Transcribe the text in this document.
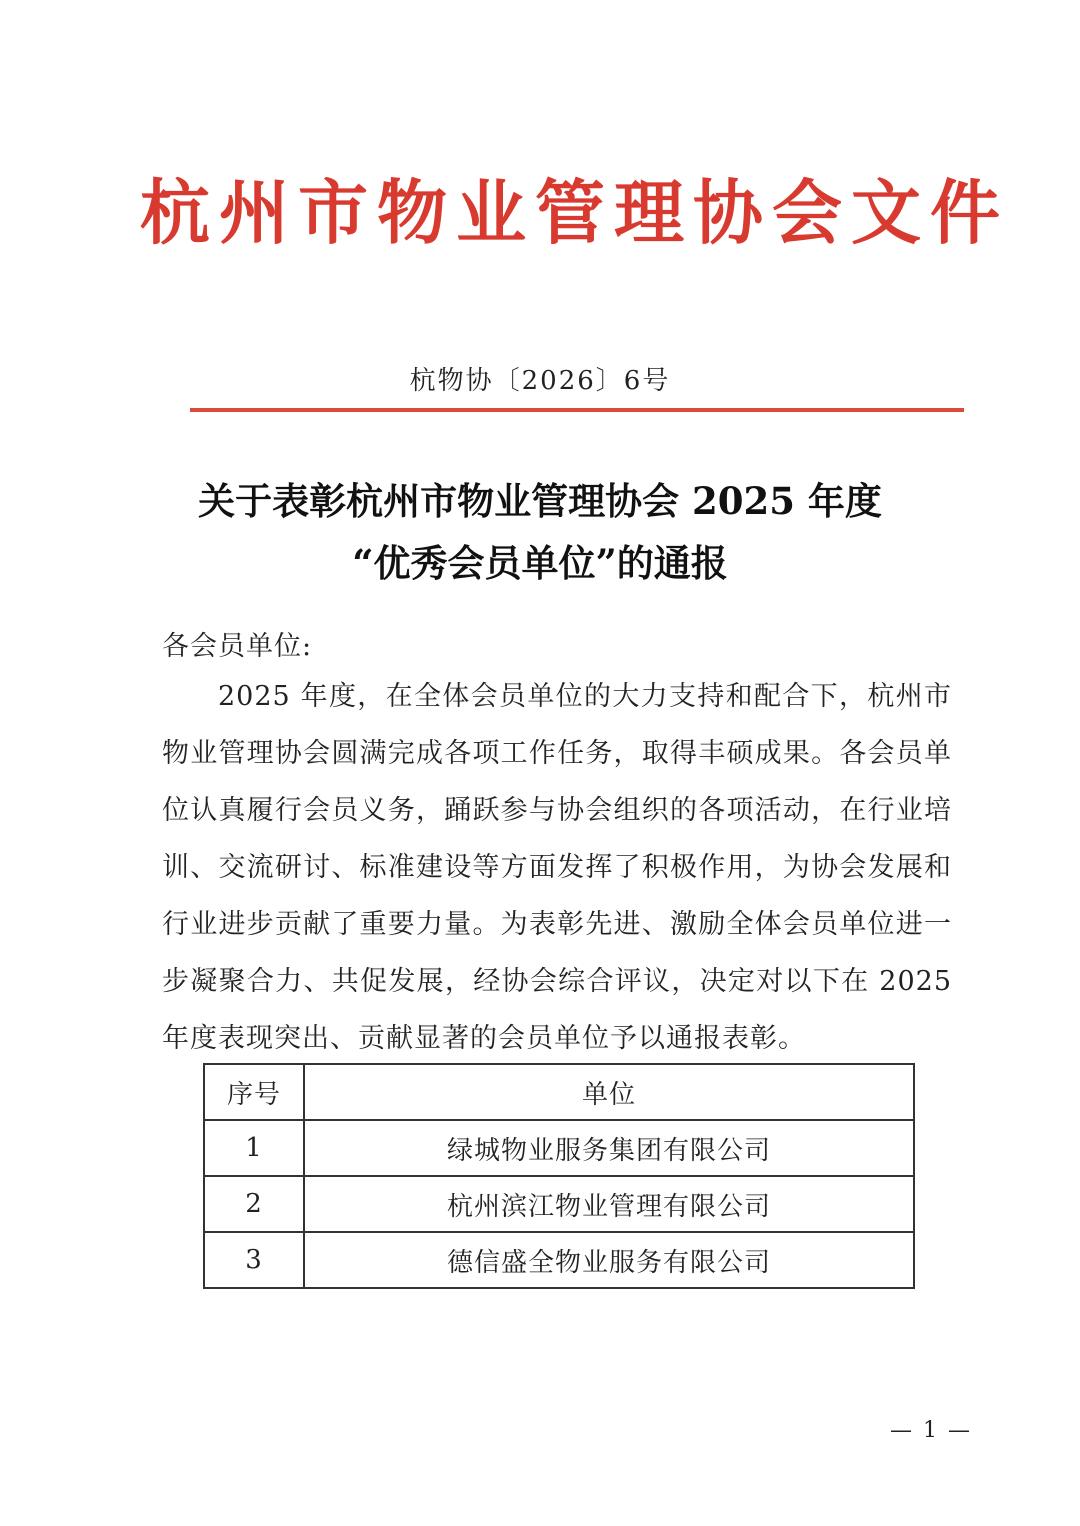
杭州市物业管理协会文件
杭物协〔2026〕6号
关于表彰杭州市物业管理协会 2025 年度
“优秀会员单位”的通报
各会员单位:
2025 年度，在全体会员单位的大力支持和配合下，杭州市物业管理协会圆满完成各项工作任务，取得丰硕成果。各会员单位认真履行会员义务，踊跃参与协会组织的各项活动，在行业培训、交流研讨、标准建设等方面发挥了积极作用，为协会发展和行业进步贡献了重要力量。为表彰先进、激励全体会员单位进一步凝聚合力、共促发展，经协会综合评议，决定对以下在 2025 年度表现突出、贡献显著的会员单位予以通报表彰。
序号	单位
1	绿城物业服务集团有限公司
2	杭州滨江物业管理有限公司
3	德信盛全物业服务有限公司
— 1 —
